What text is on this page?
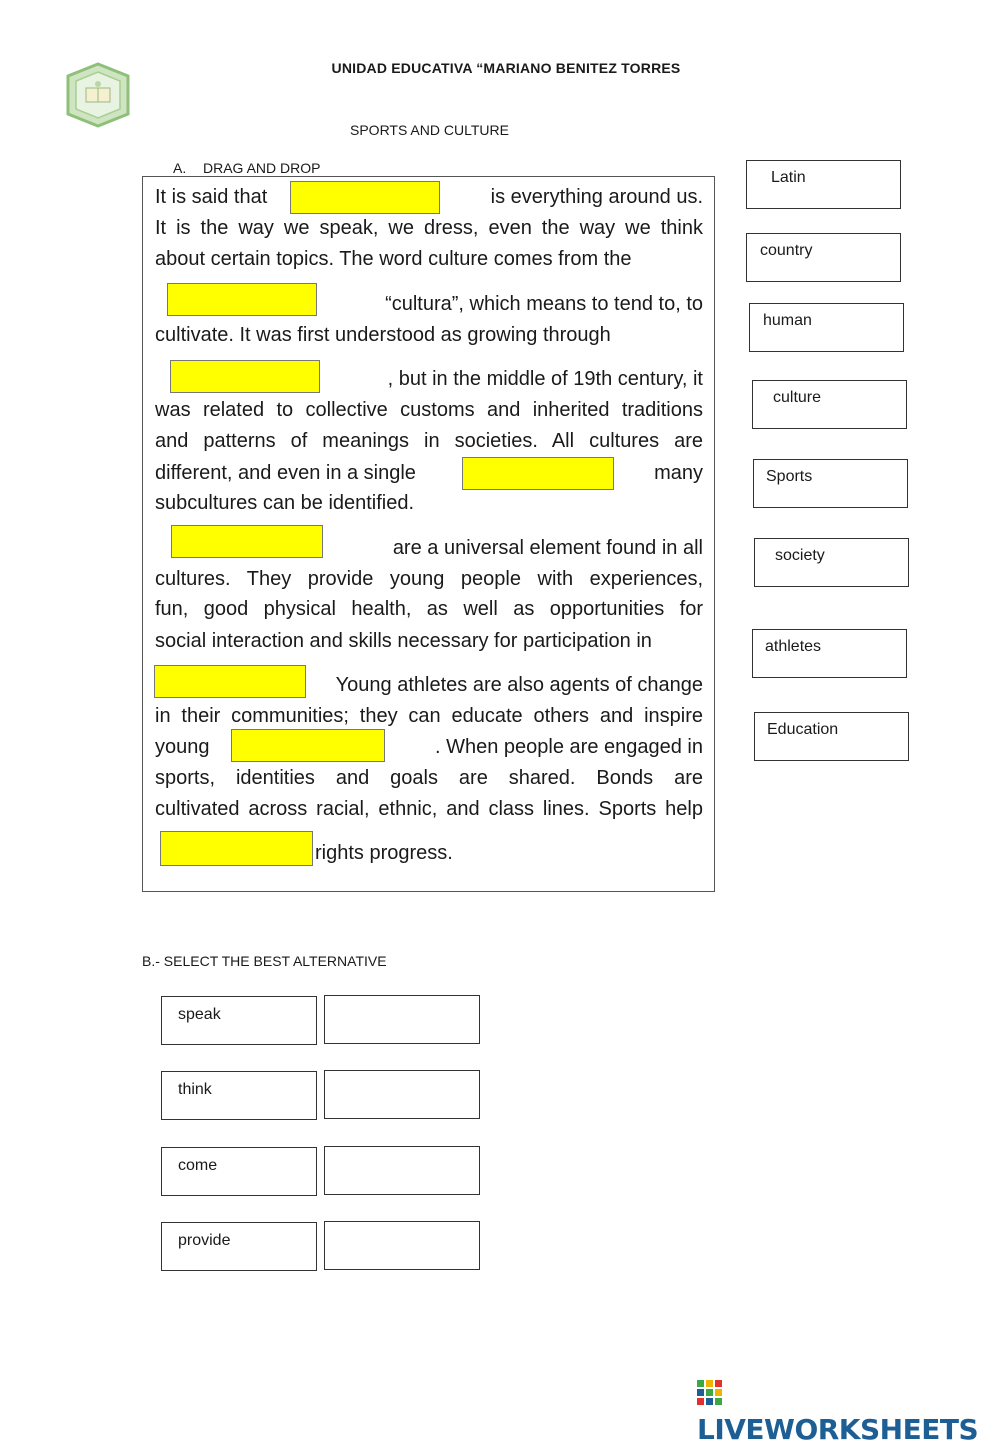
UNIDAD EDUCATIVA “MARIANO BENITEZ TORRES
SPORTS AND CULTURE
A. DRAG AND DROP
It is said that	is everything around us.
It is the way we speak, we dress, even the way we think
about certain topics. The word culture comes from the
“cultura”, which means to tend to, to
cultivate. It was first understood as growing through
, but in the middle of 19th century, it
was related to collective customs and inherited traditions
and patterns of meanings in societies. All cultures are
different, and even in a single	many
subcultures can be identified.
are a universal element found in all
cultures. They provide young people with experiences,
fun, good physical health, as well as opportunities for
social interaction and skills necessary for participation in
Young athletes are also agents of change
in their communities; they can educate others and inspire
young	. When people are engaged in
sports, identities and goals are shared. Bonds are
cultivated across racial, ethnic, and class lines. Sports help
rights progress.
Latin
country
human
culture
Sports
society
athletes
Education
B.- SELECT THE BEST ALTERNATIVE
speak
think
come
provide
LIVEWORKSHEETS
